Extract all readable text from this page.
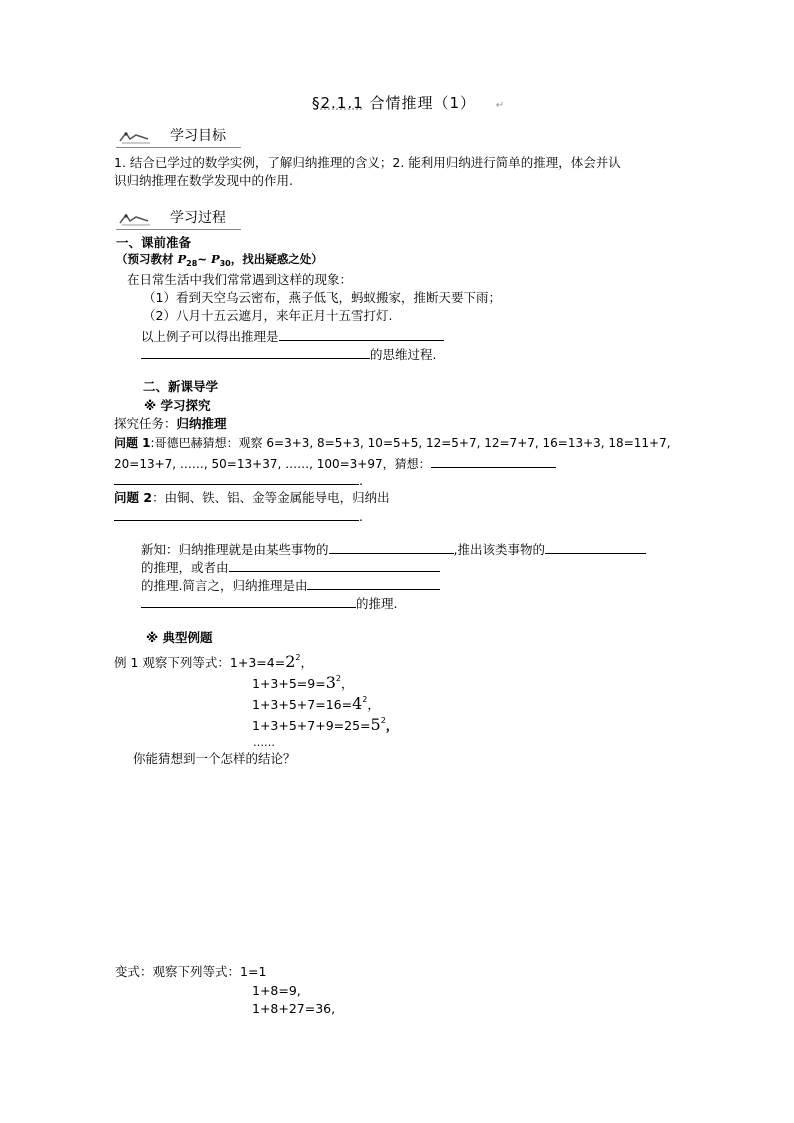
§2.1.1 合情推理（1） ↵
学习目标
1. 结合已学过的数学实例，了解归纳推理的含义；2. 能利用归纳进行简单的推理，体会并认
识归纳推理在数学发现中的作用.
学习过程
一、课前准备
（预习教材 $P_{28}\sim$ $P_{30}$，找出疑惑之处）
在日常生活中我们常常遇到这样的现象：
（1）看到天空乌云密布，燕子低飞，蚂蚁搬家，推断天要下雨；
（2）八月十五云遮月，来年正月十五雪打灯.
以上例子可以得出推理是
的思维过程.
二、新课导学
※ 学习探究
探究任务：归纳推理
问题 1:哥德巴赫猜想：观察 6=3+3, 8=5+3, 10=5+5, 12=5+7, 12=7+7, 16=13+3, 18=11+7,
20=13+7, ……, 50=13+37, ……, 100=3+97，猜想：
.
问题 2：由铜、铁、铝、金等金属能导电，归纳出
.
新知：归纳推理就是由某些事物的	,推出该类事物的
的推理，或者由
的推理.简言之，归纳推理是由
的推理.
※ 典型例题
例 1 观察下列等式：$1+3=4=2^2$，
$1+3+5=9=3^2$，
$1+3+5+7=16=4^2$，
$1+3+5+7+9=25=5^2$，
……
你能猜想到一个怎样的结论？
变式：观察下列等式：1=1
1+8=9,
1+8+27=36,
